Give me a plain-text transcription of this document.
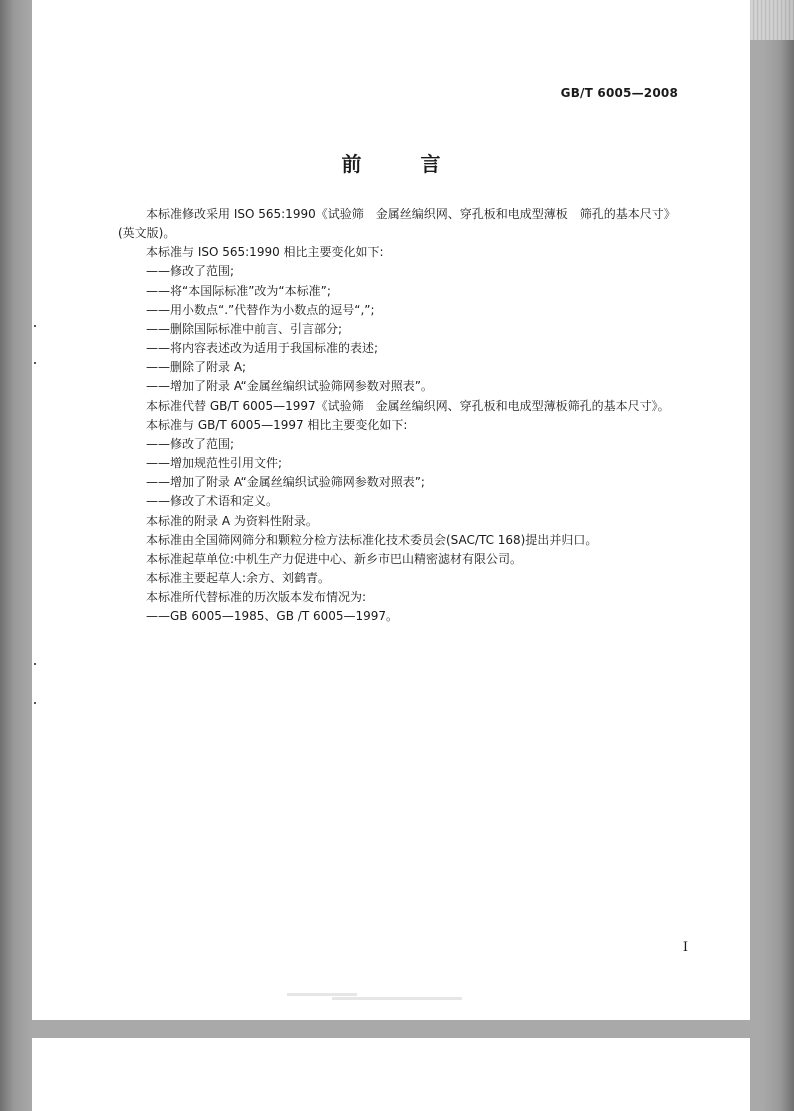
GB/T 6005—2008
前 言

本标准修改采用 ISO 565:1990《试验筛　金属丝编织网、穿孔板和电成型薄板　筛孔的基本尺寸》

(英文版)。

本标准与 ISO 565:1990 相比主要变化如下:

——修改了范围;

——将“本国际标准”改为“本标准”;

——用小数点“.”代替作为小数点的逗号“,”;

——删除国际标准中前言、引言部分;

——将内容表述改为适用于我国标准的表述;

——删除了附录 A;

——增加了附录 A“金属丝编织试验筛网参数对照表”。

本标准代替 GB/T 6005—1997《试验筛　金属丝编织网、穿孔板和电成型薄板筛孔的基本尺寸》。

本标准与 GB/T 6005—1997 相比主要变化如下:

——修改了范围;

——增加规范性引用文件;

——增加了附录 A“金属丝编织试验筛网参数对照表”;

——修改了术语和定义。

本标准的附录 A 为资料性附录。

本标准由全国筛网筛分和颗粒分检方法标准化技术委员会(SAC/TC 168)提出并归口。

本标准起草单位:中机生产力促进中心、新乡市巴山精密滤材有限公司。

本标准主要起草人:余方、刘鹤青。

本标准所代替标准的历次版本发布情况为:

——GB 6005—1985、GB /T 6005—1997。

I
